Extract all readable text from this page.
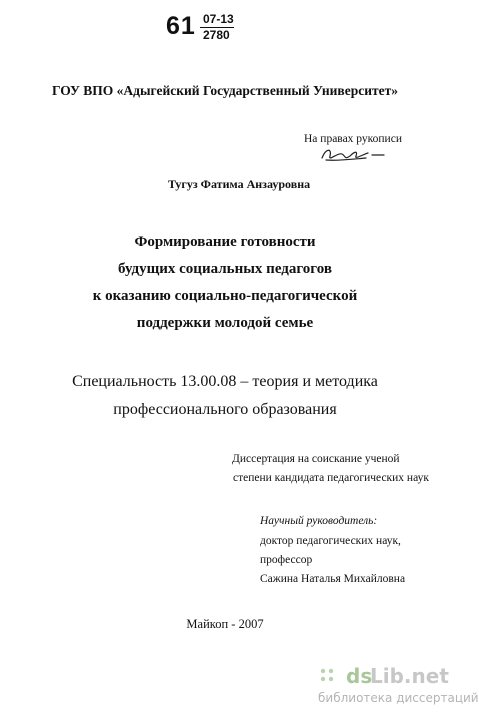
61 07-13
2780
ГОУ ВПО «Адыгейский Государственный Университет»
На правах рукописи
Тугуз Фатима Анзауровна
Формирование готовности
будущих социальных педагогов
к оказанию социально-педагогической
поддержки молодой семье
Специальность 13.00.08 – теория и методика
профессионального образования
Диссертация на соискание ученой
степени кандидата педагогических наук
Научный руководитель:
доктор педагогических наук,
профессор
Сажина Наталья Михайловна
Майкоп - 2007
ds
Lib.net
библиотека диссертаций
